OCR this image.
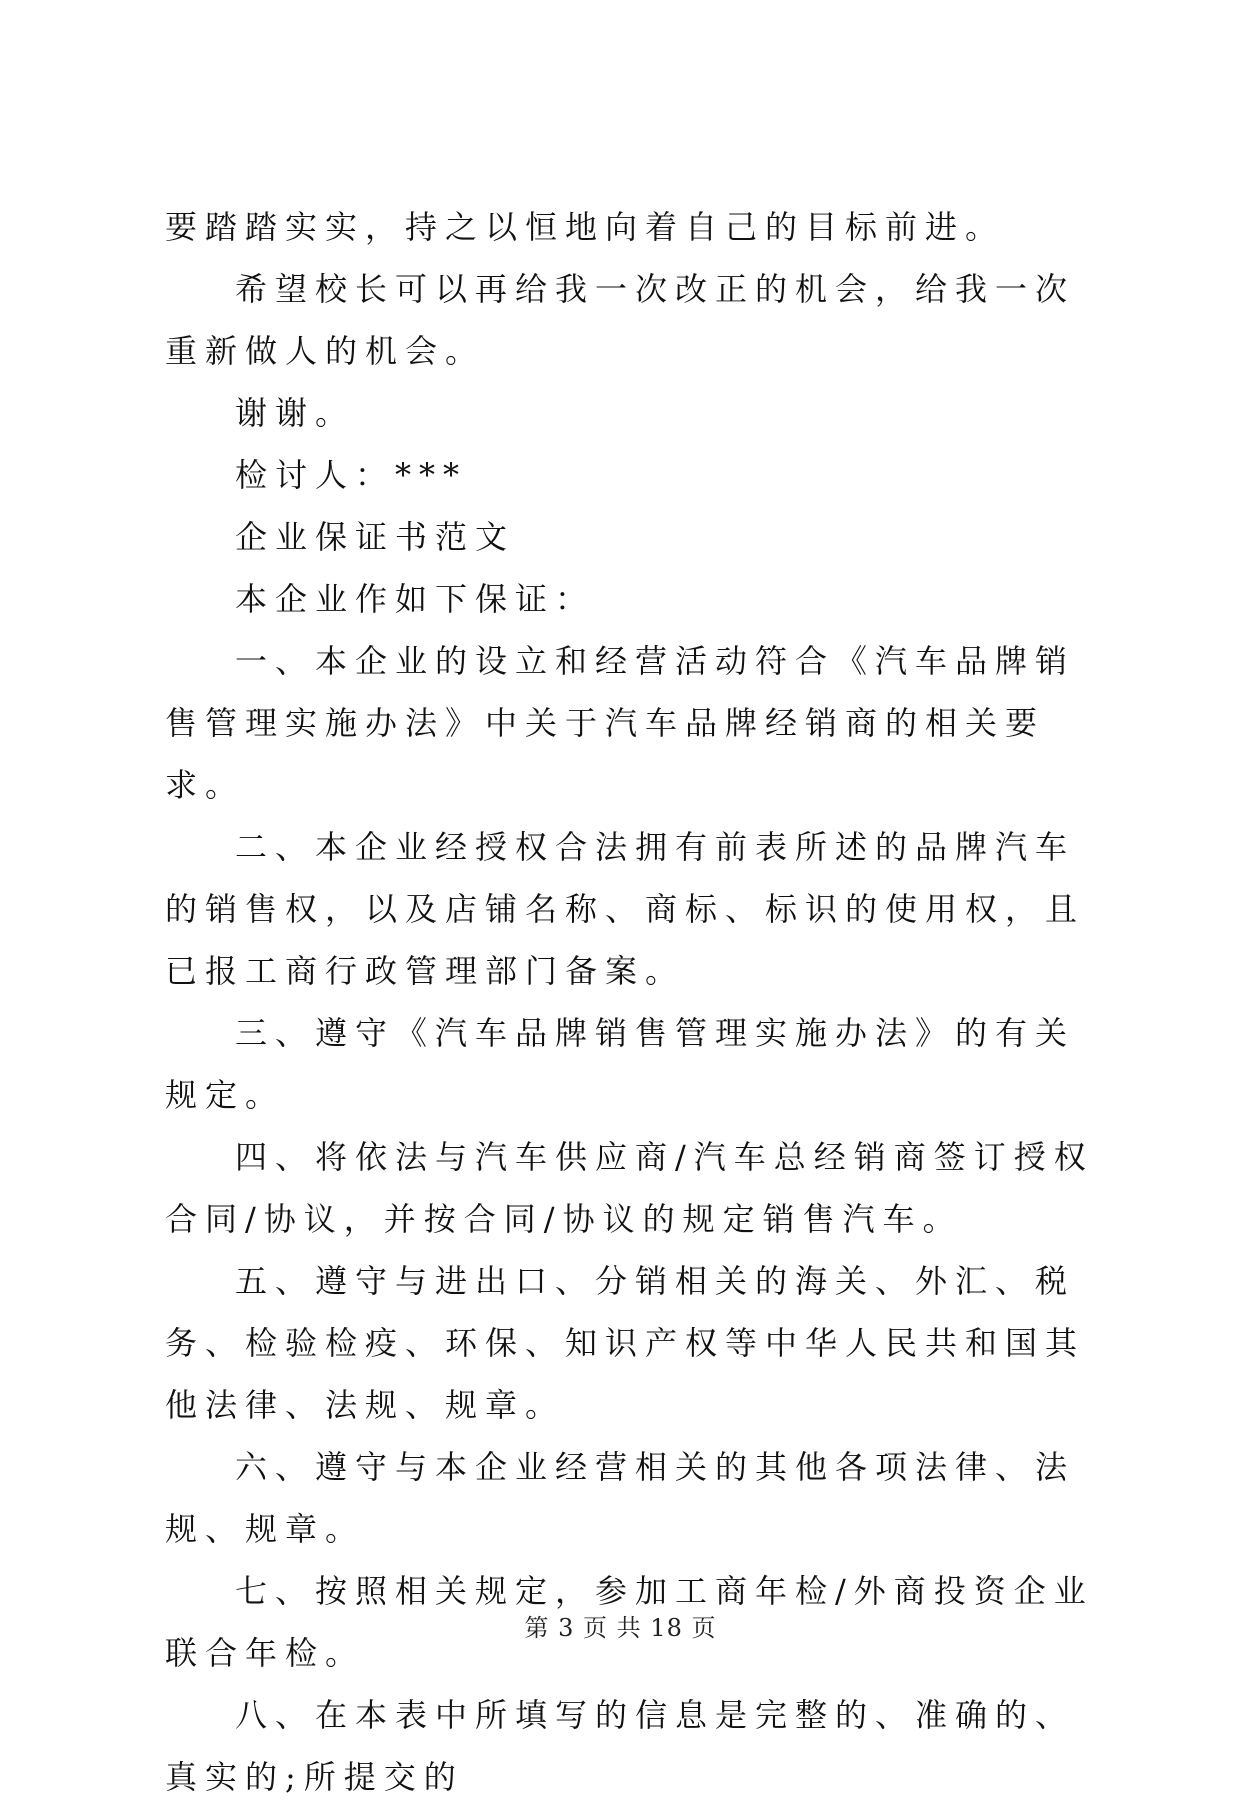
要踏踏实实，持之以恒地向着自己的目标前进。

希望校长可以再给我一次改正的机会，给我一次重新做人的机会。

谢谢。

检讨人：***

企业保证书范文

本企业作如下保证：

一、本企业的设立和经营活动符合《汽车品牌销售管理实施办法》中关于汽车品牌经销商的相关要求。

二、本企业经授权合法拥有前表所述的品牌汽车的销售权，以及店铺名称、商标、标识的使用权，且已报工商行政管理部门备案。

三、遵守《汽车品牌销售管理实施办法》的有关规定。

四、将依法与汽车供应商/汽车总经销商签订授权合同/协议，并按合同/协议的规定销售汽车。

五、遵守与进出口、分销相关的海关、外汇、税务、检验检疫、环保、知识产权等中华人民共和国其他法律、法规、规章。

六、遵守与本企业经营相关的其他各项法律、法规、规章。

七、按照相关规定，参加工商年检/外商投资企业联合年检。

八、在本表中所填写的信息是完整的、准确的、真实的;所提交的

第 3 页 共 18 页
